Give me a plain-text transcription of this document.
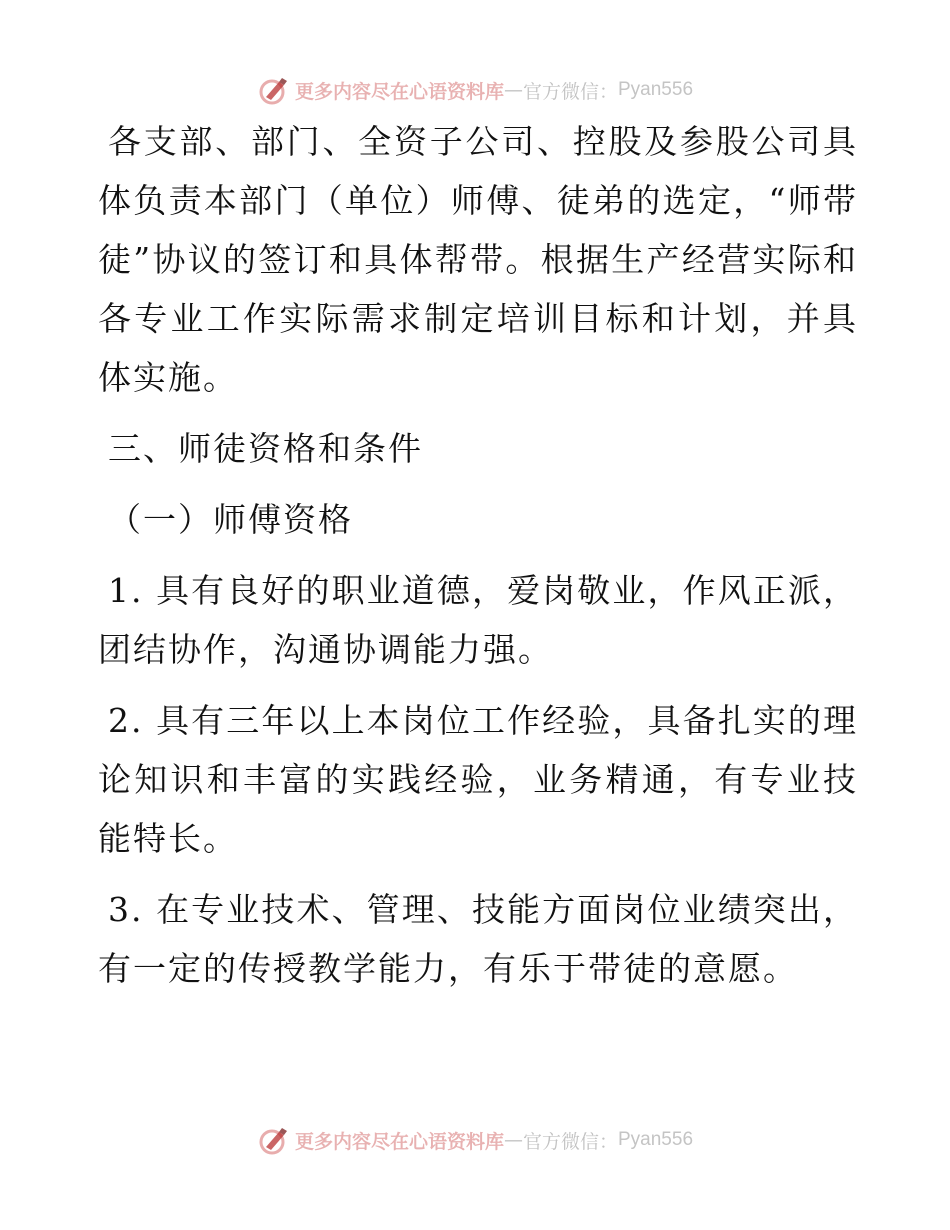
更多内容尽在心语资料库 — 官方微信： Pyan556

各支部、部门、全资子公司、控股及参股公司具体负责本部门（单位）师傅、徒弟的选定，“师带徒”协议的签订和具体帮带。根据生产经营实际和各专业工作实际需求制定培训目标和计划，并具体实施。

三、师徒资格和条件

（一）师傅资格

1. 具有良好的职业道德，爱岗敬业，作风正派，团结协作，沟通协调能力强。

2. 具有三年以上本岗位工作经验，具备扎实的理论知识和丰富的实践经验，业务精通，有专业技能特长。

3. 在专业技术、管理、技能方面岗位业绩突出，有一定的传授教学能力，有乐于带徒的意愿。

更多内容尽在心语资料库 — 官方微信： Pyan556
